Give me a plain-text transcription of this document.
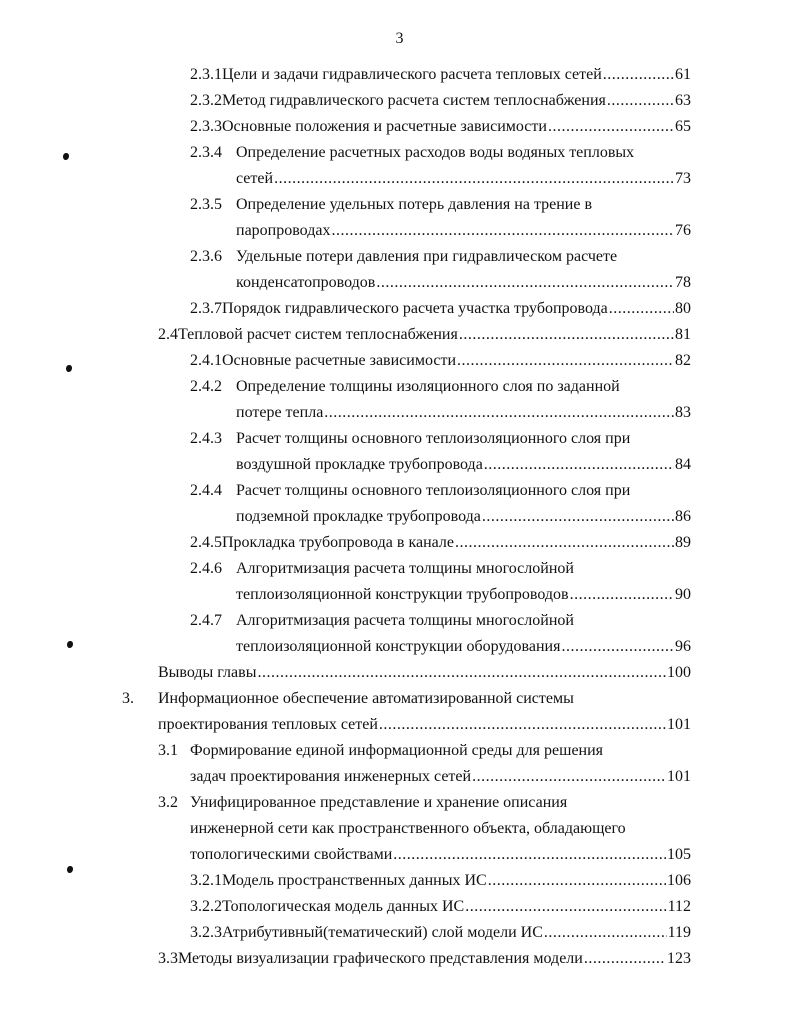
3
2.3.1 Цели и задачи гидравлического расчета тепловых сетей .....	61
2.3.2 Метод гидравлического расчета систем теплоснабжения .....	63
2.3.3 Основные положения и расчетные зависимости .....	65
2.3.4 Определение расчетных расходов воды водяных тепловых
сетей .....	73
2.3.5 Определение удельных потерь давления на трение в
паропроводах .....	76
2.3.6 Удельные потери давления при гидравлическом расчете
конденсатопроводов .....	78
2.3.7 Порядок гидравлического расчета участка трубопровода .....	80
2.4 Тепловой расчет систем теплоснабжения .....	81
2.4.1 Основные расчетные зависимости .....	82
2.4.2 Определение толщины изоляционного слоя по заданной
потере тепла .....	83
2.4.3 Расчет толщины основного теплоизоляционного слоя при
воздушной прокладке трубопровода .....	84
2.4.4 Расчет толщины основного теплоизоляционного слоя при
подземной прокладке трубопровода .....	86
2.4.5 Прокладка трубопровода в канале .....	89
2.4.6 Алгоритмизация расчета толщины многослойной
теплоизоляционной конструкции трубопроводов .....	90
2.4.7 Алгоритмизация расчета толщины многослойной
теплоизоляционной конструкции оборудования .....	96
Выводы главы .....	100
3.	Информационное обеспечение автоматизированной системы
проектирования тепловых сетей .....	101
3.1 Формирование единой информационной среды для решения
задач проектирования инженерных сетей .....	101
3.2 Унифицированное представление и хранение описания
инженерной сети как пространственного объекта, обладающего
топологическими свойствами .....	105
3.2.1 Модель пространственных данных ИС .....	106
3.2.2 Топологическая модель данных ИС .....	112
3.2.3 Атрибутивный(тематический) слой модели ИС .....	119
3.3 Методы визуализации графического представления модели .....	123
